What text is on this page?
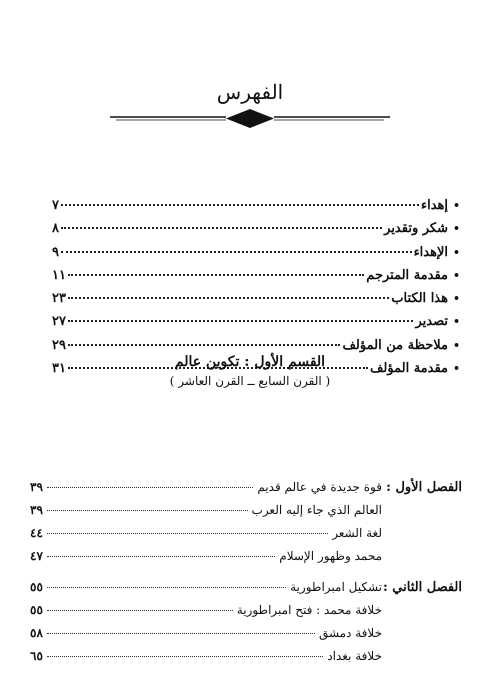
الفهرس
•
إهداء
٧
•
شكر وتقدير
٨
•
الإهداء
٩
•
مقدمة المترجم
١١
•
هذا الكتاب
٢٣
•
تصدير
٢٧
•
ملاحظة من المؤلف
٢٩
•
مقدمة المؤلف
٣١	القسم الأول : تكوين عالم
( القرن السابع ــ القرن العاشر )
الفصل الأول :
قوة جديدة في عالم قديم
٣٩
العالم الذي جاء إليه العرب
٣٩
لغة الشعر
٤٤
محمد وظهور الإسلام
٤٧
الفصل الثاني :
تشكيل امبراطورية
٥٥
خلافة محمد : فتح امبراطورية
٥٥
خلافة دمشق
٥٨
خلافة بغداد
٦٥
